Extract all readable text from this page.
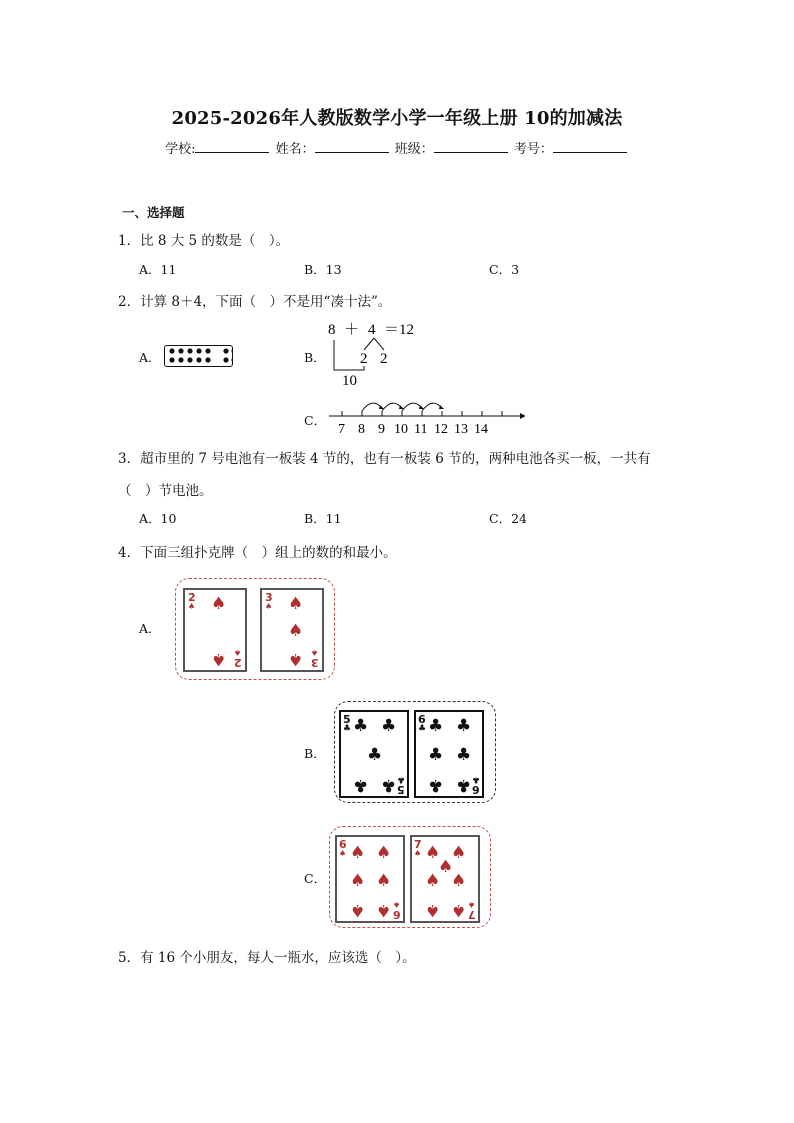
2025-2026年人教版数学小学一年级上册 10的加减法
学校:	姓名：	班级：	考号：
一、选择题
1．比 8 大 5 的数是（　）。
A．11	B．13	C．3
2．计算 8＋4，下面（　）不是用“凑十法”。
A．	B．
8 ＋ 4 ＝12
2 2
10
C．
7 8 9 10 11 12 13 14
3．超市里的 7 号电池有一板装 4 节的，也有一板装 6 节的，两种电池各买一板，一共有
（　）节电池。
A．10	B．11	C．24
4．下面三组扑克牌（　）组上的数的和最小。
A．
2
♠ ♠
♠ 2
♠
3
♠ ♠
♠
♠ 3
♠
B．
5
♣ ♣ ♣
♣
♣ ♣ 5
♣
6
♣ ♣ ♣
♣ ♣
♣ ♣ 6
♣
C．
6
♠ ♠ ♠
♠ ♠
♠ ♠ 6
♠
7
♠ ♠ ♠
♠
♠ ♠
♠ ♠ 7
♠
5．有 16 个小朋友，每人一瓶水，应该选（　）。
